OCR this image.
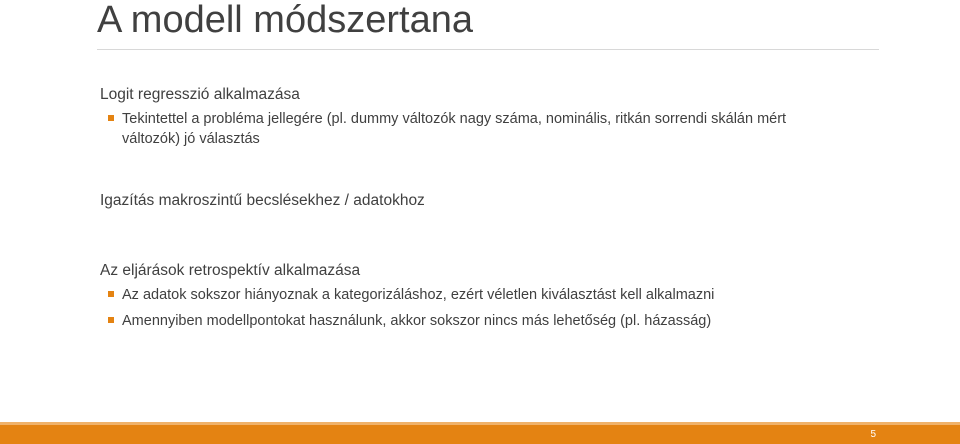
A modell módszertana

Logit regresszió alkalmazása

Tekintettel a probléma jellegére (pl. dummy változók nagy száma, nominális, ritkán sorrendi skálán mért

változók) jó választás

Igazítás makroszintű becslésekhez / adatokhoz

Az eljárások retrospektív alkalmazása

Az adatok sokszor hiányoznak a kategorizáláshoz, ezért véletlen kiválasztást kell alkalmazni

Amennyiben modellpontokat használunk, akkor sokszor nincs más lehetőség (pl. házasság)

5
